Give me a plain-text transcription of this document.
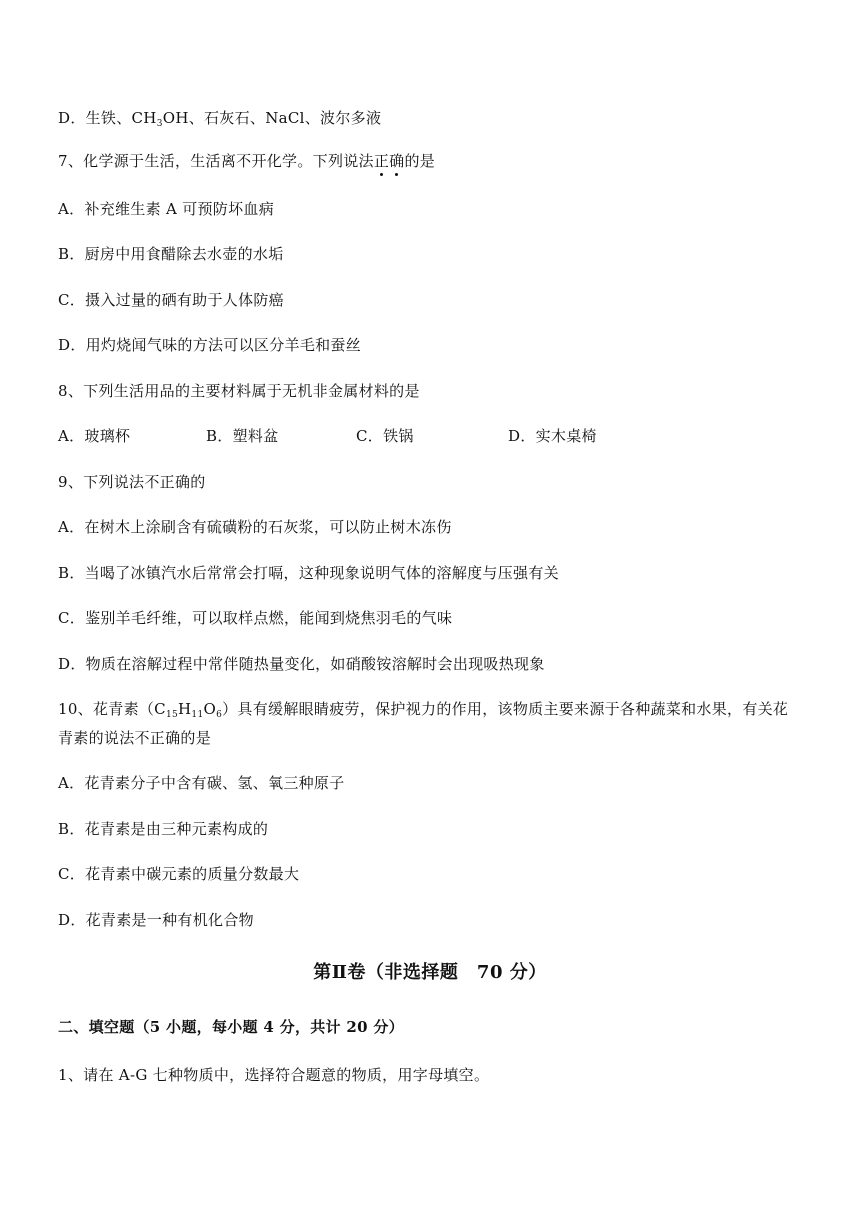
D．生铁、$CH_3OH$、石灰石、NaCl、波尔多液
7、化学源于生活，生活离不开化学。下列说法正确的是
A．补充维生素 A 可预防坏血病
B．厨房中用食醋除去水壶的水垢
C．摄入过量的硒有助于人体防癌
D．用灼烧闻气味的方法可以区分羊毛和蚕丝
8、下列生活用品的主要材料属于无机非金属材料的是
A．玻璃杯	B．塑料盆	C．铁锅	D．实木桌椅
9、下列说法不正确的
A．在树木上涂刷含有硫磺粉的石灰浆，可以防止树木冻伤
B．当喝了冰镇汽水后常常会打嗝，这种现象说明气体的溶解度与压强有关
C．鉴别羊毛纤维，可以取样点燃，能闻到烧焦羽毛的气味
D．物质在溶解过程中常伴随热量变化，如硝酸铵溶解时会出现吸热现象
10、花青素$(C_{15}H_{11}O_6)$具有缓解眼睛疲劳，保护视力的作用，该物质主要来源于各种蔬菜和水果，有关花青素的说法不正确的是
A．花青素分子中含有碳、氢、氧三种原子
B．花青素是由三种元素构成的
C．花青素中碳元素的质量分数最大
D．花青素是一种有机化合物
第Ⅱ卷（非选择题　70 分）
二、填空题（5 小题，每小题 4 分，共计 20 分）
1、请在 A-G 七种物质中，选择符合题意的物质，用字母填空。
